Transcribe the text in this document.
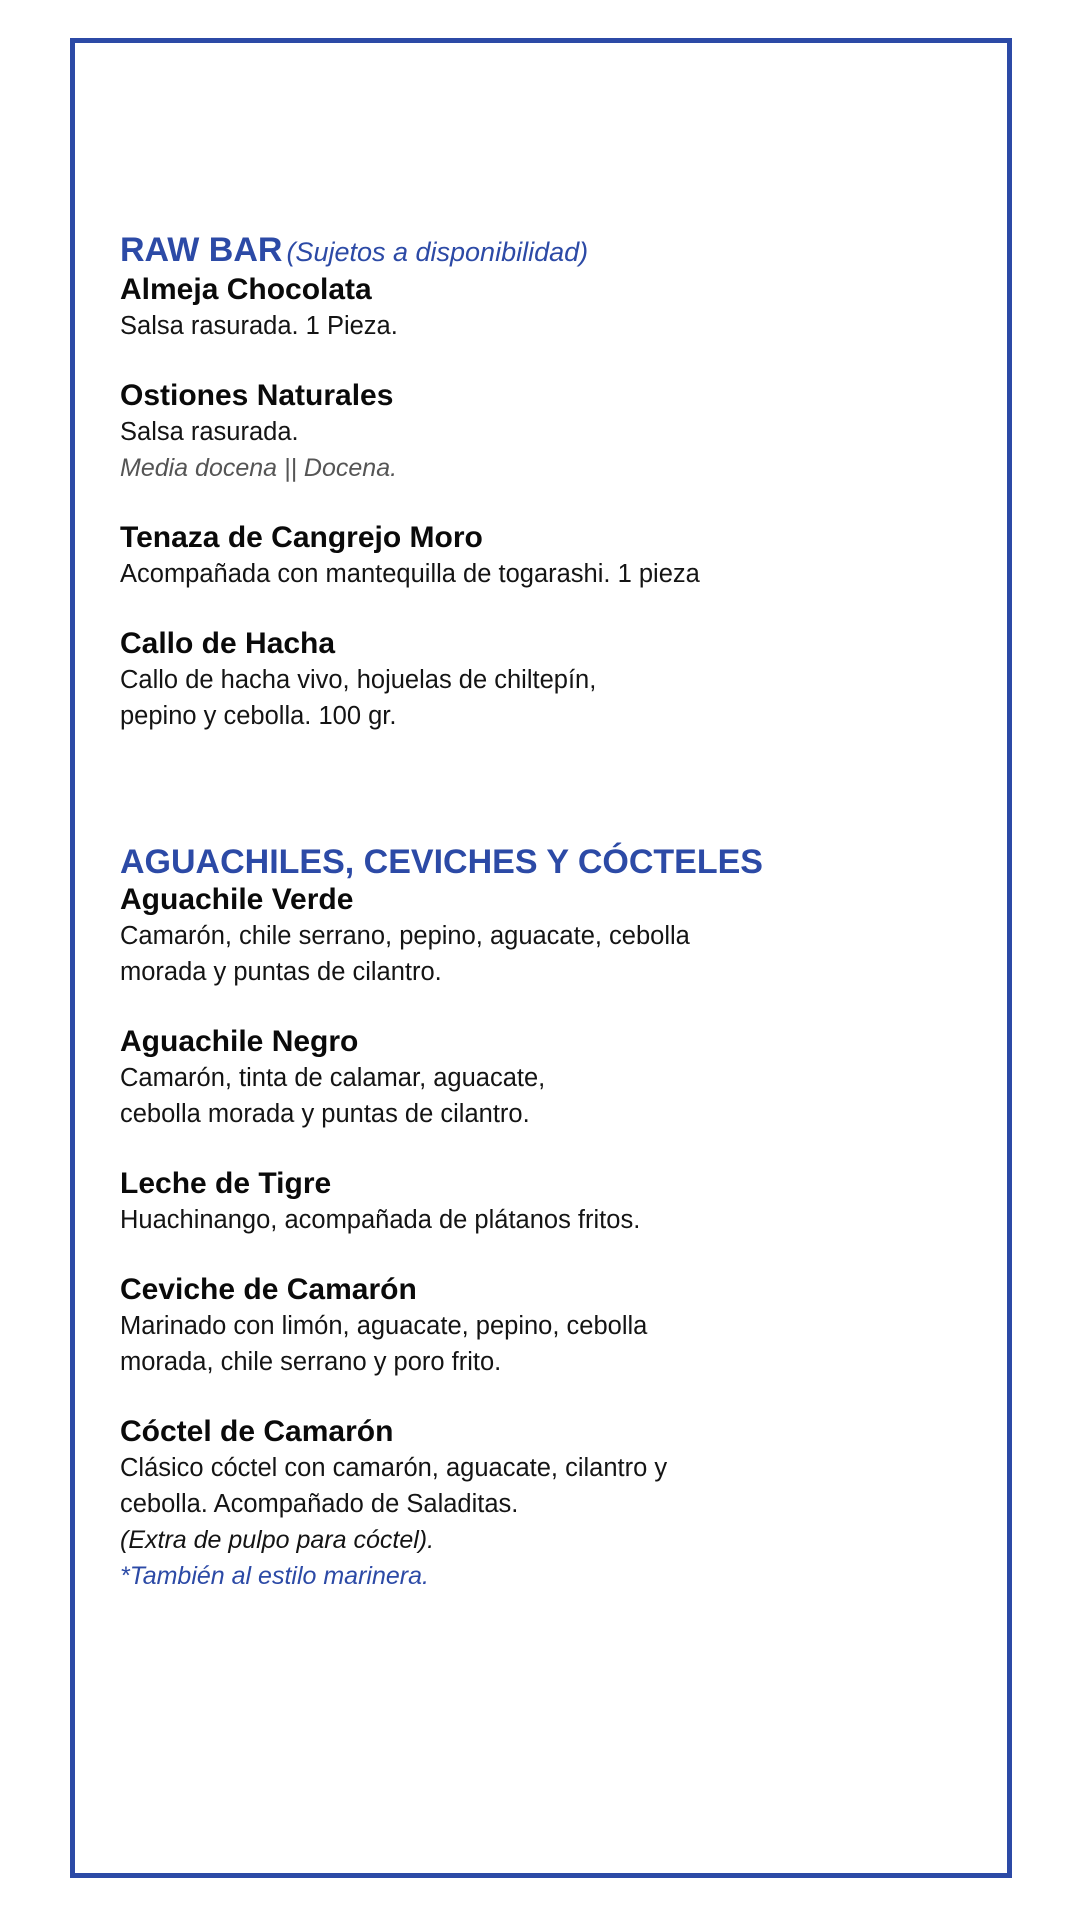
RAW BAR (Sujetos a disponibilidad)
Almeja Chocolata
Salsa rasurada. 1 Pieza.
Ostiones Naturales
Salsa rasurada.
Media docena || Docena.
Tenaza de Cangrejo Moro
Acompañada con mantequilla de togarashi. 1 pieza
Callo de Hacha
Callo de hacha vivo, hojuelas de chiltepín,
pepino y cebolla. 100 gr.
AGUACHILES, CEVICHES Y CÓCTELES
Aguachile Verde
Camarón, chile serrano, pepino, aguacate, cebolla
morada y puntas de cilantro.
Aguachile Negro
Camarón, tinta de calamar, aguacate,
cebolla morada y puntas de cilantro.
Leche de Tigre
Huachinango, acompañada de plátanos fritos.
Ceviche de Camarón
Marinado con limón, aguacate, pepino, cebolla
morada, chile serrano y poro frito.
Cóctel de Camarón
Clásico cóctel con camarón, aguacate, cilantro y
cebolla. Acompañado de Saladitas.
(Extra de pulpo para cóctel).
*También al estilo marinera.
